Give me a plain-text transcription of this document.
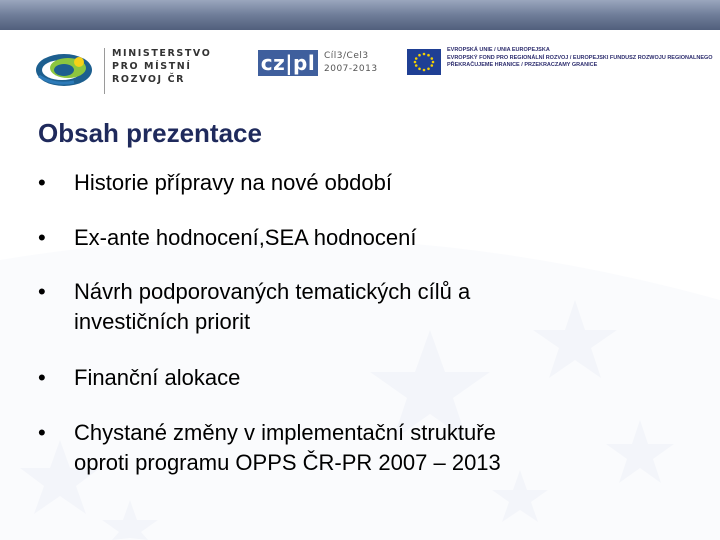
MINISTERSTVO
PRO MÍSTNÍ
ROZVOJ ČR
cz|pl Cíl3/Cel3
2007-2013
EVROPSKÁ UNIE / UNIA EUROPEJSKA
EVROPSKÝ FOND PRO REGIONÁLNÍ ROZVOJ / EUROPEJSKI FUNDUSZ ROZWOJU REGIONALNEGO
PŘEKRAČUJEME HRANICE / PRZEKRACZAMY GRANICE
Obsah prezentace
•	Historie přípravy na nové období
•	Ex-ante hodnocení,SEA hodnocení
•	Návrh podporovaných tematických cílů a
investičních priorit
•	Finanční alokace
•	Chystané změny v implementační struktuře
oproti programu OPPS ČR-PR 2007 – 2013
